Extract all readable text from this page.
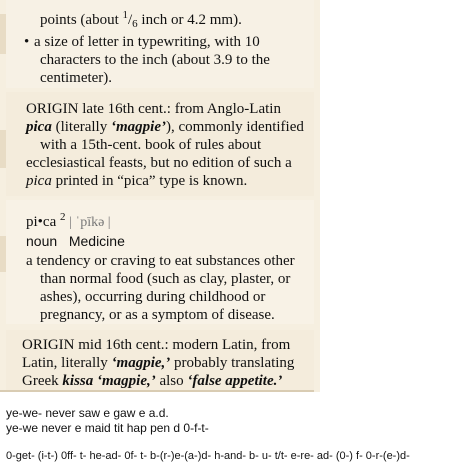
points (about $^1/_6$ inch or 4.2 mm).
• a size of letter in typewriting, with 10
characters to the inch (about 3.9 to the
centimeter).
ORIGIN late 16th cent.: from Anglo-Latin
pica (literally ‘magpie’), commonly identified
with a 15th-cent. book of rules about
ecclesiastical feasts, but no edition of such a
pica printed in “pica” type is known.
pi•ca $^2$ | ˈpīkə |
noun Medicine
a tendency or craving to eat substances other
than normal food (such as clay, plaster, or
ashes), occurring during childhood or
pregnancy, or as a symptom of disease.
ORIGIN mid 16th cent.: modern Latin, from
Latin, literally ‘magpie,’ probably translating
Greek kissa ‘magpie,’ also ‘false appetite.’
ye-we- never saw e gaw e a.d.
ye-we never e maid tit hap pen d 0-f-t-
0-get- (i-t-) 0ff- t- he-ad- 0f- t- b-(r-)e-(a-)d- h-and- b- u- t/t- e-re- ad- (0-) f- 0-r-(e-)d-
